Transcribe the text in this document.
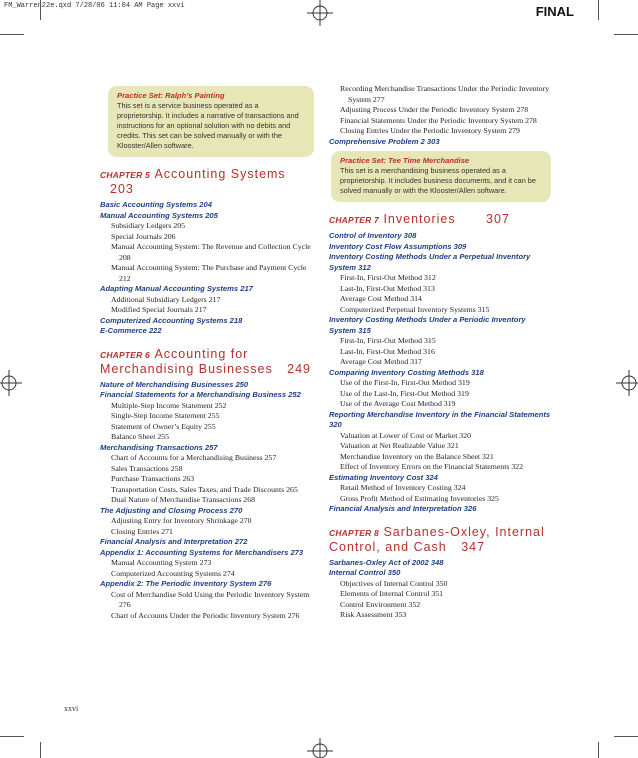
FM_Warren22e.qxd 7/28/06 11:04 AM Page xxvi	FINAL
Practice Set: Ralph’s Painting
This set is a service business operated as a proprietorship. It includes a narrative of transactions and instructions for an optional solution with no debits and credits. This set can be solved manually or with the Klooster/Allen software.
CHAPTER 5 Accounting Systems 203
Basic Accounting Systems 204
Manual Accounting Systems 205
Subsidiary Ledgers 205
Special Journals 206
Manual Accounting System: The Revenue and Collection Cycle 208
Manual Accounting System: The Purchase and Payment Cycle 212
Adapting Manual Accounting Systems 217
Additional Subsidiary Ledgers 217
Modified Special Journals 217
Computerized Accounting Systems 218
E-Commerce 222
CHAPTER 6 Accounting for Merchandising Businesses 249
Nature of Merchandising Businesses 250
Financial Statements for a Merchandising Business 252
Multiple-Step Income Statement 252
Single-Step Income Statement 255
Statement of Owner’s Equity 255
Balance Sheet 255
Merchandising Transactions 257
Chart of Accounts for a Merchandising Business 257
Sales Transactions 258
Purchase Transactions 263
Transportation Costs, Sales Taxes, and Trade Discounts 265
Dual Nature of Merchandise Transactions 268
The Adjusting and Closing Process 270
Adjusting Entry for Inventory Shrinkage 270
Closing Entries 271
Financial Analysis and Interpretation 272
Appendix 1: Accounting Systems for Merchandisers 273
Manual Accounting System 273
Computerized Accounting Systems 274
Appendix 2: The Periodic Inventory System 276
Cost of Merchandise Sold Using the Periodic Inventory System 276
Chart of Accounts Under the Periodic Inventory System 276
Recording Merchandise Transactions Under the Periodic Inventory System 277
Adjusting Process Under the Periodic Inventory System 278
Financial Statements Under the Periodic Inventory System 278
Closing Entries Under the Periodic Inventory System 279
Comprehensive Problem 2 303
Practice Set: Tee Time Merchandise
This set is a merchandising business operated as a proprietorship. It includes business documents, and it can be solved manually or with the Klooster/Allen software.
CHAPTER 7 Inventories 307
Control of Inventory 308
Inventory Cost Flow Assumptions 309
Inventory Costing Methods Under a Perpetual Inventory System 312
First-In, First-Out Method 312
Last-In, First-Out Method 313
Average Cost Method 314
Computerized Perpetual Inventory Systems 315
Inventory Costing Methods Under a Periodic Inventory System 315
First-In, First-Out Method 315
Last-In, First-Out Method 316
Average Cost Method 317
Comparing Inventory Costing Methods 318
Use of the First-In, First-Out Method 319
Use of the Last-In, First-Out Method 319
Use of the Average Cost Method 319
Reporting Merchandise Inventory in the Financial Statements 320
Valuation at Lower of Cost or Market 320
Valuation at Net Realizable Value 321
Merchandise Inventory on the Balance Sheet 321
Effect of Inventory Errors on the Financial Statements 322
Estimating Inventory Cost 324
Retail Method of Inventory Costing 324
Gross Profit Method of Estimating Inventories 325
Financial Analysis and Interpretation 326
CHAPTER 8 Sarbanes-Oxley, Internal Control, and Cash 347
Sarbanes-Oxley Act of 2002 348
Internal Control 350
Objectives of Internal Control 350
Elements of Internal Control 351
Control Environment 352
Risk Assessment 353
xxvi
